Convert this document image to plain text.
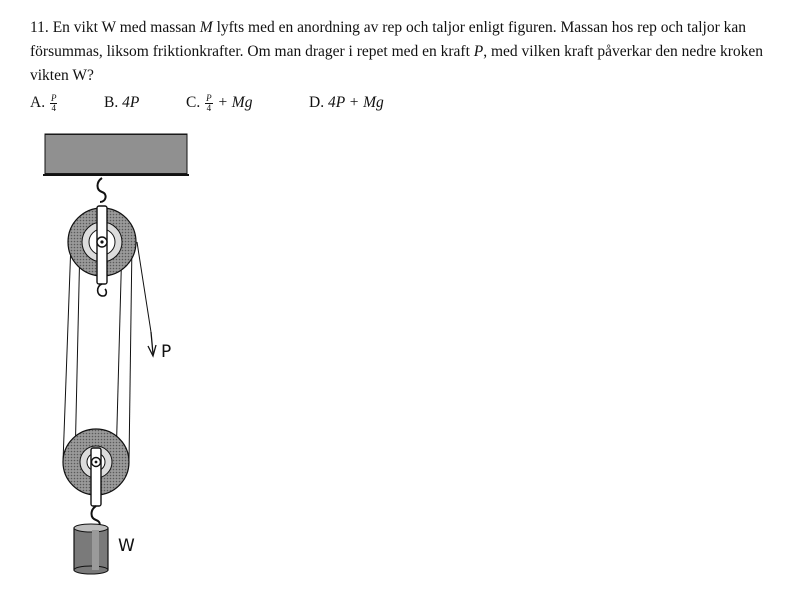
11. En vikt W med massan M lyfts med en anordning av rep och taljor enligt figuren. Massan hos rep och taljor kan försummas, liksom friktionkrafter. Om man drager i repet med en kraft P, med vilken kraft påverkar den nedre kroken vikten W?
A. $\frac{P}{4}$	B. 4P	C. $\frac{P}{4} + Mg$	D. 4P + Mg
P
W
